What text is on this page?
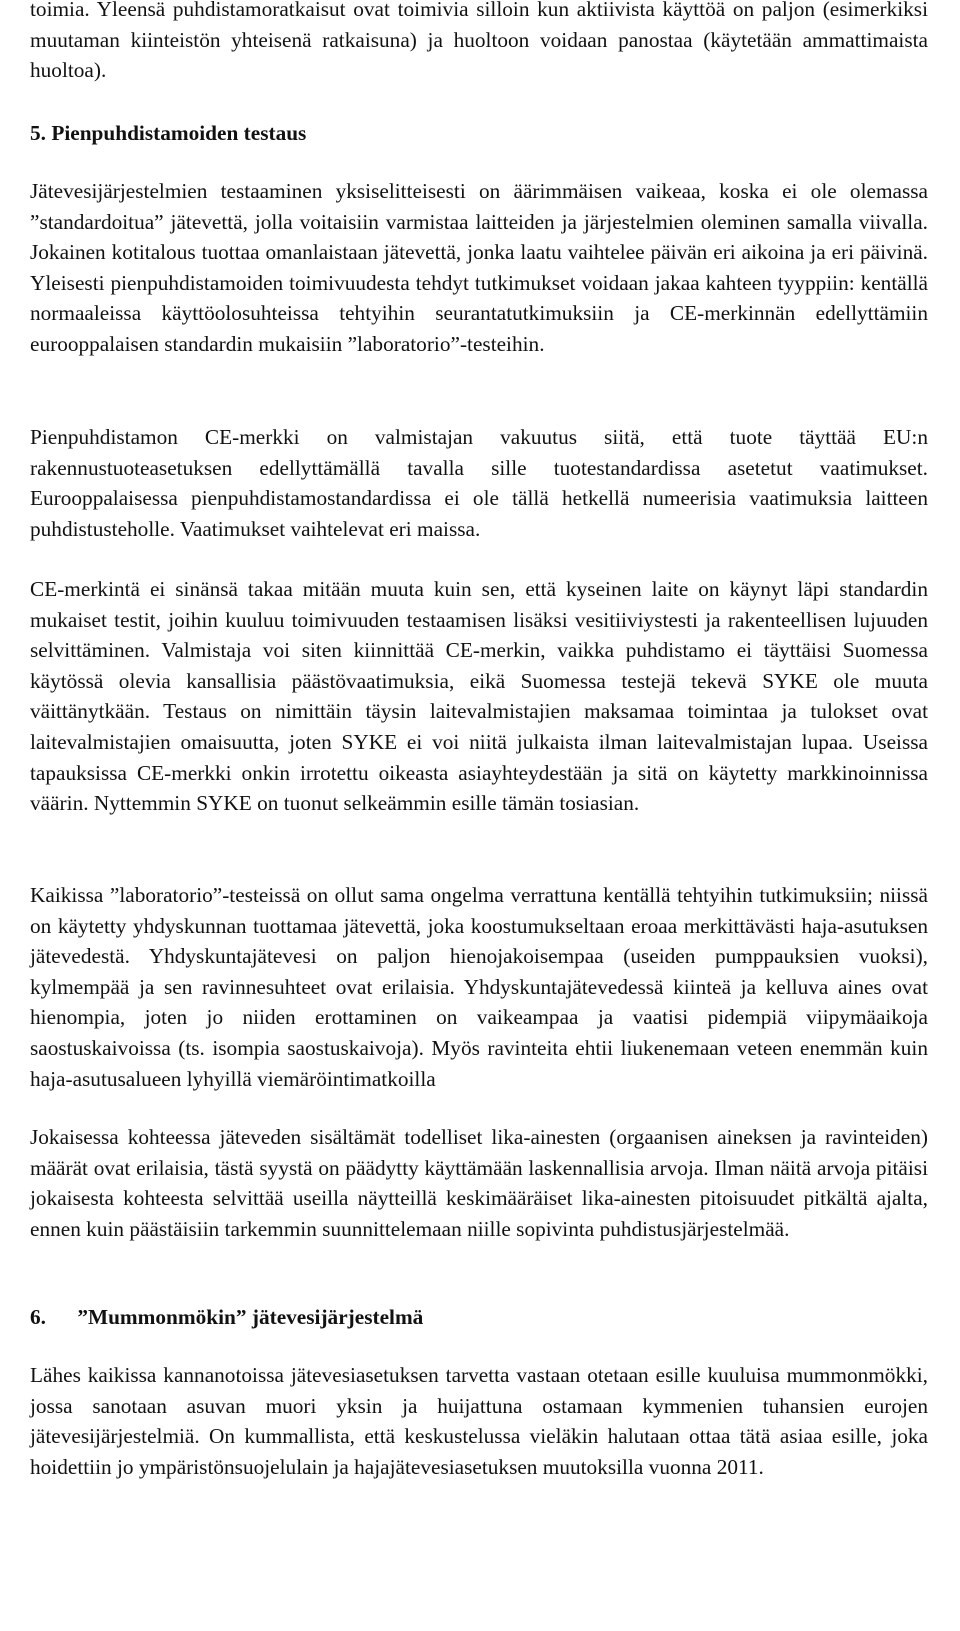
toimia. Yleensä puhdistamoratkaisut ovat toimivia silloin kun aktiivista käyttöä on paljon (esimerkiksi muutaman kiinteistön yhteisenä ratkaisuna) ja huoltoon voidaan panostaa (käytetään ammattimaista huoltoa).

5. Pienpuhdistamoiden testaus

Jätevesijärjestelmien testaaminen yksiselitteisesti on äärimmäisen vaikeaa, koska ei ole olemassa ”standardoitua” jätevettä, jolla voitaisiin varmistaa laitteiden ja järjestelmien oleminen samalla viivalla. Jokainen kotitalous tuottaa omanlaistaan jätevettä, jonka laatu vaihtelee päivän eri aikoina ja eri päivinä. Yleisesti pienpuhdistamoiden toimivuudesta tehdyt tutkimukset voidaan jakaa kahteen tyyppiin: kentällä normaaleissa käyttöolosuhteissa tehtyihin seurantatutkimuksiin ja CE-merkinnän edellyttämiin eurooppalaisen standardin mukaisiin ”laboratorio”-testeihin.

Pienpuhdistamon CE-merkki on valmistajan vakuutus siitä, että tuote täyttää EU:n rakennustuoteasetuksen edellyttämällä tavalla sille tuotestandardissa asetetut vaatimukset. Eurooppalaisessa pienpuhdistamostandardissa ei ole tällä hetkellä numeerisia vaatimuksia laitteen puhdistusteholle. Vaatimukset vaihtelevat eri maissa.

CE-merkintä ei sinänsä takaa mitään muuta kuin sen, että kyseinen laite on käynyt läpi standardin mukaiset testit, joihin kuuluu toimivuuden testaamisen lisäksi vesitiiviystesti ja rakenteellisen lujuuden selvittäminen. Valmistaja voi siten kiinnittää CE-merkin, vaikka puhdistamo ei täyttäisi Suomessa käytössä olevia kansallisia päästövaatimuksia, eikä Suomessa testejä tekevä SYKE ole muuta väittänytkään. Testaus on nimittäin täysin laitevalmistajien maksamaa toimintaa ja tulokset ovat laitevalmistajien omaisuutta, joten SYKE ei voi niitä julkaista ilman laitevalmistajan lupaa. Useissa tapauksissa CE-merkki onkin irrotettu oikeasta asiayhteydestään ja sitä on käytetty markkinoinnissa väärin. Nyttemmin SYKE on tuonut selkeämmin esille tämän tosiasian.

Kaikissa ”laboratorio”-testeissä on ollut sama ongelma verrattuna kentällä tehtyihin tutkimuksiin; niissä on käytetty yhdyskunnan tuottamaa jätevettä, joka koostumukseltaan eroaa merkittävästi haja-asutuksen jätevedestä. Yhdyskuntajätevesi on paljon hienojakoisempaa (useiden pumppauksien vuoksi), kylmempää ja sen ravinnesuhteet ovat erilaisia. Yhdyskuntajätevedessä kiinteä ja kelluva aines ovat hienompia, joten jo niiden erottaminen on vaikeampaa ja vaatisi pidempiä viipymäaikoja saostuskaivoissa (ts. isompia saostuskaivoja). Myös ravinteita ehtii liukenemaan veteen enemmän kuin haja-asutusalueen lyhyillä viemäröintimatkoilla

Jokaisessa kohteessa jäteveden sisältämät todelliset lika-ainesten (orgaanisen aineksen ja ravinteiden) määrät ovat erilaisia, tästä syystä on päädytty käyttämään laskennallisia arvoja. Ilman näitä arvoja pitäisi jokaisesta kohteesta selvittää useilla näytteillä keskimääräiset lika-ainesten pitoisuudet pitkältä ajalta, ennen kuin päästäisiin tarkemmin suunnittelemaan niille sopivinta puhdistusjärjestelmää.

6. ”Mummonmökin” jätevesijärjestelmä

Lähes kaikissa kannanotoissa jätevesiasetuksen tarvetta vastaan otetaan esille kuuluisa mummonmökki, jossa sanotaan asuvan muori yksin ja huijattuna ostamaan kymmenien tuhansien eurojen jätevesijärjestelmiä. On kummallista, että keskustelussa vieläkin halutaan ottaa tätä asiaa esille, joka hoidettiin jo ympäristönsuojelulain ja hajajätevesiasetuksen muutoksilla vuonna 2011.
